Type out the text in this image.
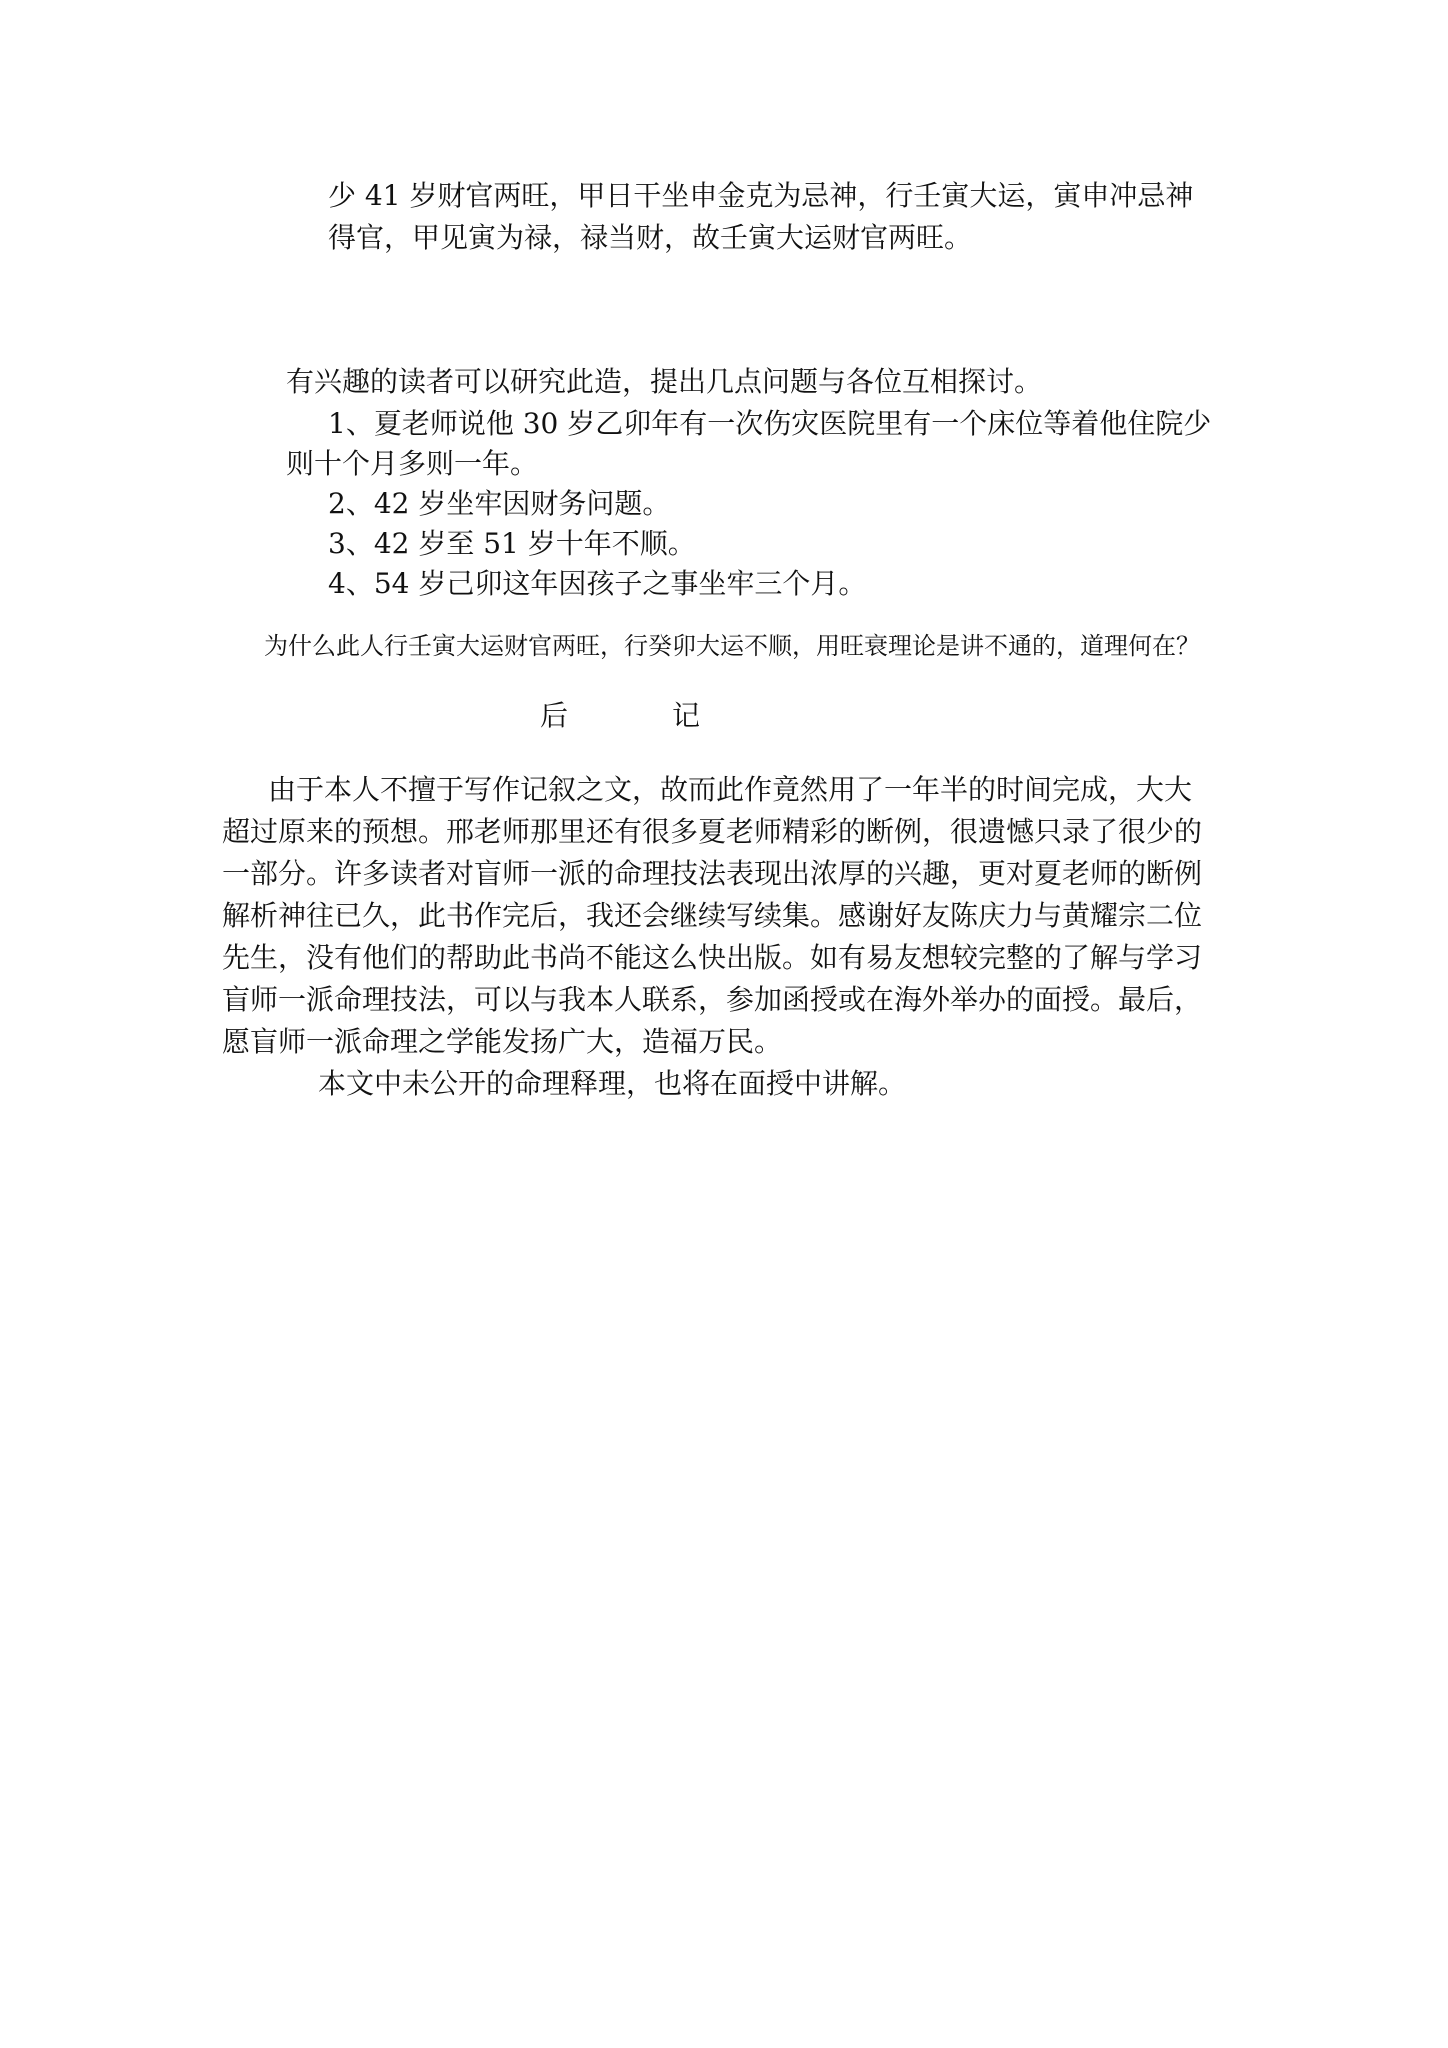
少 41 岁财官两旺，甲日干坐申金克为忌神，行壬寅大运，寅申冲忌神
得官，甲见寅为禄，禄当财，故壬寅大运财官两旺。
有兴趣的读者可以研究此造，提出几点问题与各位互相探讨。
1、夏老师说他 30 岁乙卯年有一次伤灾医院里有一个床位等着他住院少
则十个月多则一年。
2、42 岁坐牢因财务问题。
3、42 岁至 51 岁十年不顺。
4、54 岁己卯这年因孩子之事坐牢三个月。
为什么此人行壬寅大运财官两旺，行癸卯大运不顺，用旺衰理论是讲不通的，道理何在？
后	记
由于本人不擅于写作记叙之文，故而此作竟然用了一年半的时间完成，大大
超过原来的预想。邢老师那里还有很多夏老师精彩的断例，很遗憾只录了很少的
一部分。许多读者对盲师一派的命理技法表现出浓厚的兴趣，更对夏老师的断例
解析神往已久，此书作完后，我还会继续写续集。感谢好友陈庆力与黄耀宗二位
先生，没有他们的帮助此书尚不能这么快出版。如有易友想较完整的了解与学习
盲师一派命理技法，可以与我本人联系，参加函授或在海外举办的面授。最后，
愿盲师一派命理之学能发扬广大，造福万民。
本文中未公开的命理释理，也将在面授中讲解。
